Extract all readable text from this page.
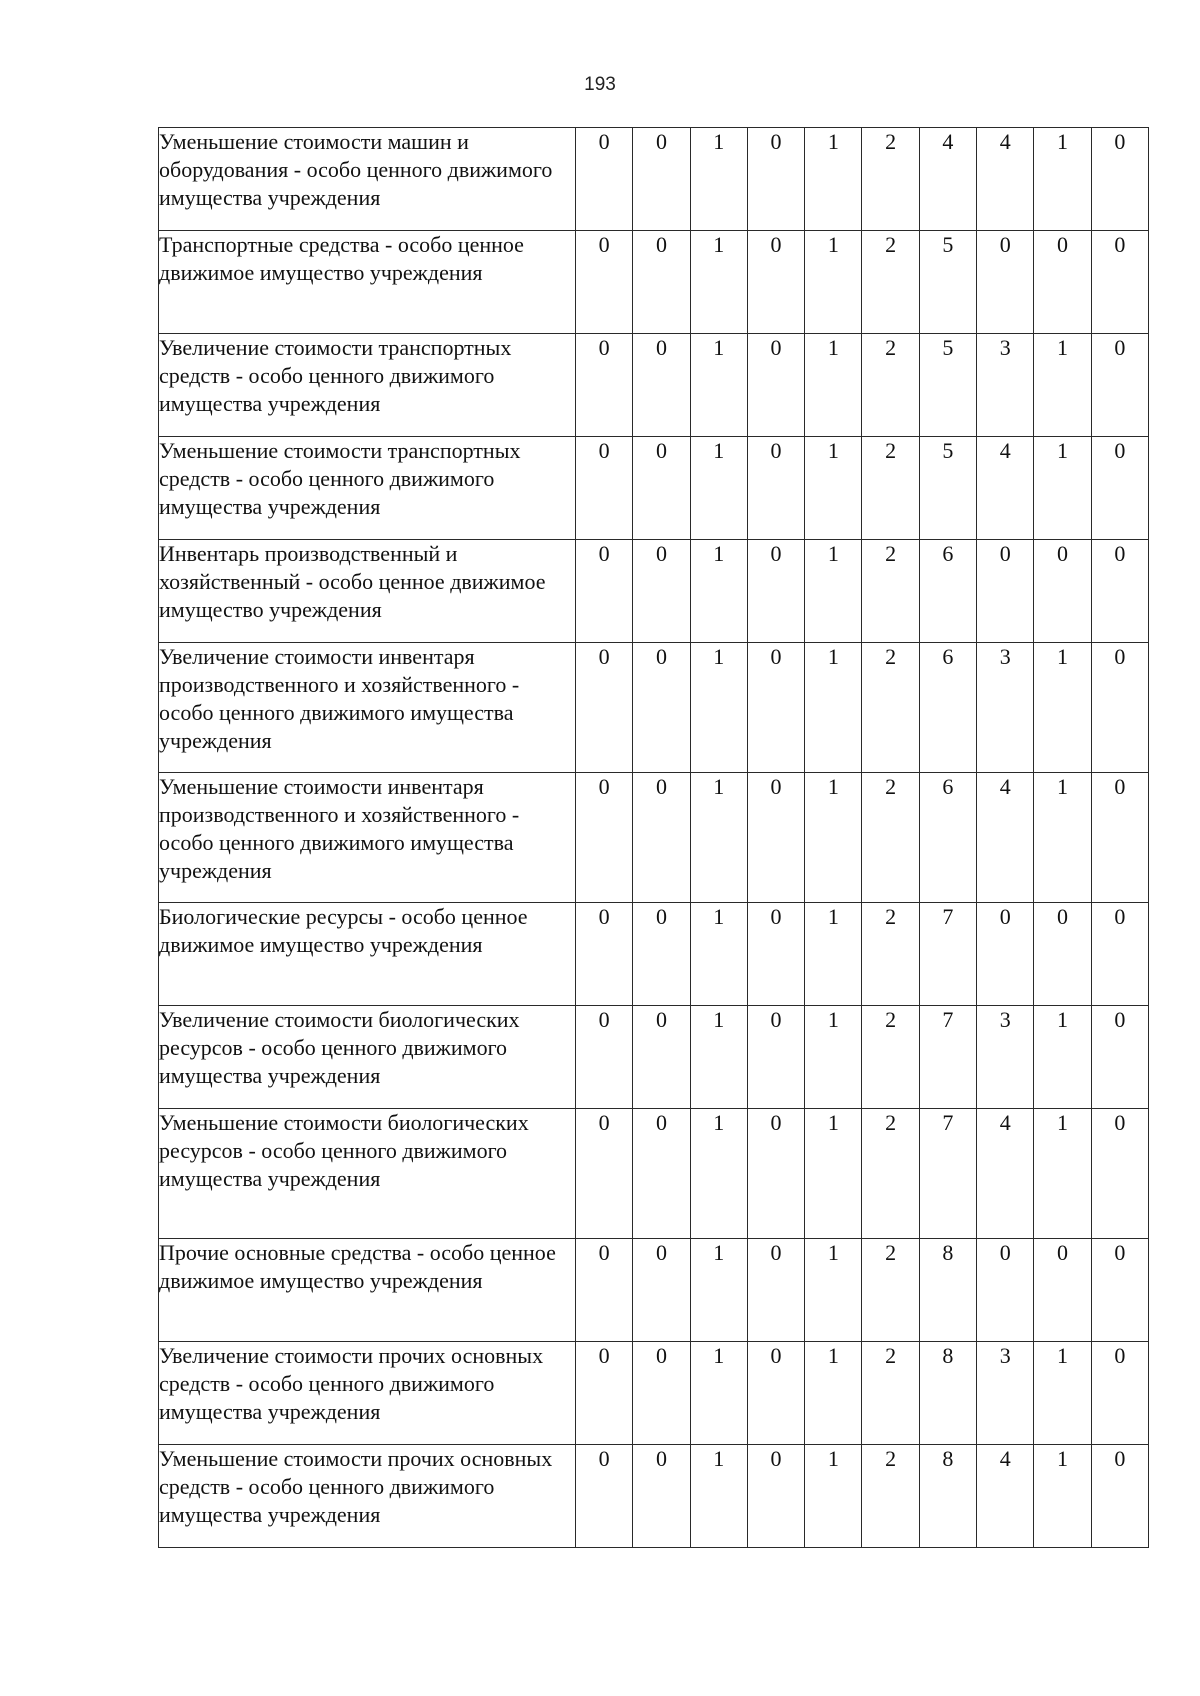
193
Уменьшение стоимости машин и оборудования - особо ценного движимого имущества учреждения	0	0	1	0	1	2	4	4	1	0
Транспортные средства - особо ценное движимое имущество учреждения	0	0	1	0	1	2	5	0	0	0
Увеличение стоимости транспортных средств - особо ценного движимого имущества учреждения	0	0	1	0	1	2	5	3	1	0
Уменьшение стоимости транспортных средств - особо ценного движимого имущества учреждения	0	0	1	0	1	2	5	4	1	0
Инвентарь производственный и хозяйственный - особо ценное движимое имущество учреждения	0	0	1	0	1	2	6	0	0	0
Увеличение стоимости инвентаря производственного и хозяйственного - особо ценного движимого имущества учреждения	0	0	1	0	1	2	6	3	1	0
Уменьшение стоимости инвентаря производственного и хозяйственного - особо ценного движимого имущества учреждения	0	0	1	0	1	2	6	4	1	0
Биологические ресурсы - особо ценное движимое имущество учреждения	0	0	1	0	1	2	7	0	0	0
Увеличение стоимости биологических ресурсов - особо ценного движимого имущества учреждения	0	0	1	0	1	2	7	3	1	0
Уменьшение стоимости биологических ресурсов - особо ценного движимого имущества учреждения	0	0	1	0	1	2	7	4	1	0
Прочие основные средства - особо ценное движимое имущество учреждения	0	0	1	0	1	2	8	0	0	0
Увеличение стоимости прочих основных средств - особо ценного движимого имущества учреждения	0	0	1	0	1	2	8	3	1	0
Уменьшение стоимости прочих основных средств - особо ценного движимого имущества учреждения	0	0	1	0	1	2	8	4	1	0
